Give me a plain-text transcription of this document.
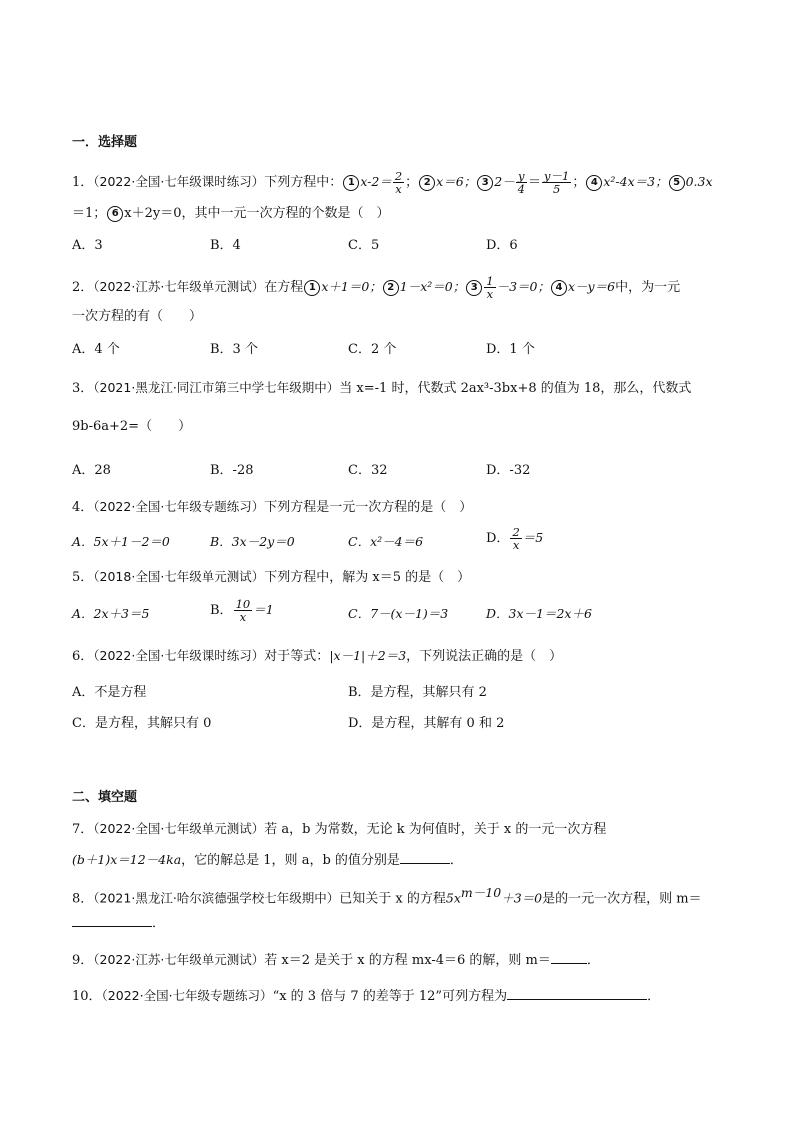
一．选择题
1．（2022·全国·七年级课时练习）下列方程中： 1 $x-2= \frac{2}{x}$ ； 2 x＝6； 3 $2- \frac{y}{4} = \frac{y-1}{5}$ ； 4 x²-4x＝3； 5 0.3x
＝1； 6 x＋2y＝0，其中一元一次方程的个数是（　）
A．3	B．4	C．5	D．6
2．（2022·江苏·七年级单元测试）在方程 1 x＋1＝0； 2 1－x²＝0； $3 \frac{1}{x} -3=0$； 4 x－y＝6中，为一元
一次方程的有（　　）
A．4 个	B．3 个	C．2 个	D．1 个
3．（2021·黑龙江·同江市第三中学七年级期中）当 x=-1 时，代数式 2ax³-3bx+8 的值为 18，那么，代数式
9b-6a+2=（　　）
A．28	B．-28	C．32	D．-32
4．（2022·全国·七年级专题练习）下列方程是一元一次方程的是（　）
A．5x＋1－2＝0	B．3x－2y＝0	C．x²－4＝6	D． $\frac{2}{x} =5$
5．（2018·全国·七年级单元测试）下列方程中，解为 x＝5 的是（　）
A．2x＋3＝5	B． $\frac{10}{x} =1$	C．7－(x－1)＝3	D．3x－1＝2x＋6
6．（2022·全国·七年级课时练习）对于等式：|x－1|＋2＝3，下列说法正确的是（　）
A．不是方程	B．是方程，其解只有 2
C．是方程，其解只有 0	D．是方程，其解有 0 和 2
二、填空题
7．（2022·全国·七年级单元测试）若 a，b 为常数，无论 k 为何值时，关于 x 的一元一次方程
(b＋1)x＝12－4ka，它的解总是 1，则 a，b 的值分别是	．
8．（2021·黑龙江·哈尔滨德强学校七年级期中）已知关于 x 的方程$5x^{m-10}+3=0$是的一元一次方程，则 m＝
．
9．（2022·江苏·七年级单元测试）若 x＝2 是关于 x 的方程 mx-4＝6 的解，则 m＝	．
10．（2022·全国·七年级专题练习）“x 的 3 倍与 7 的差等于 12”可列方程为	．
